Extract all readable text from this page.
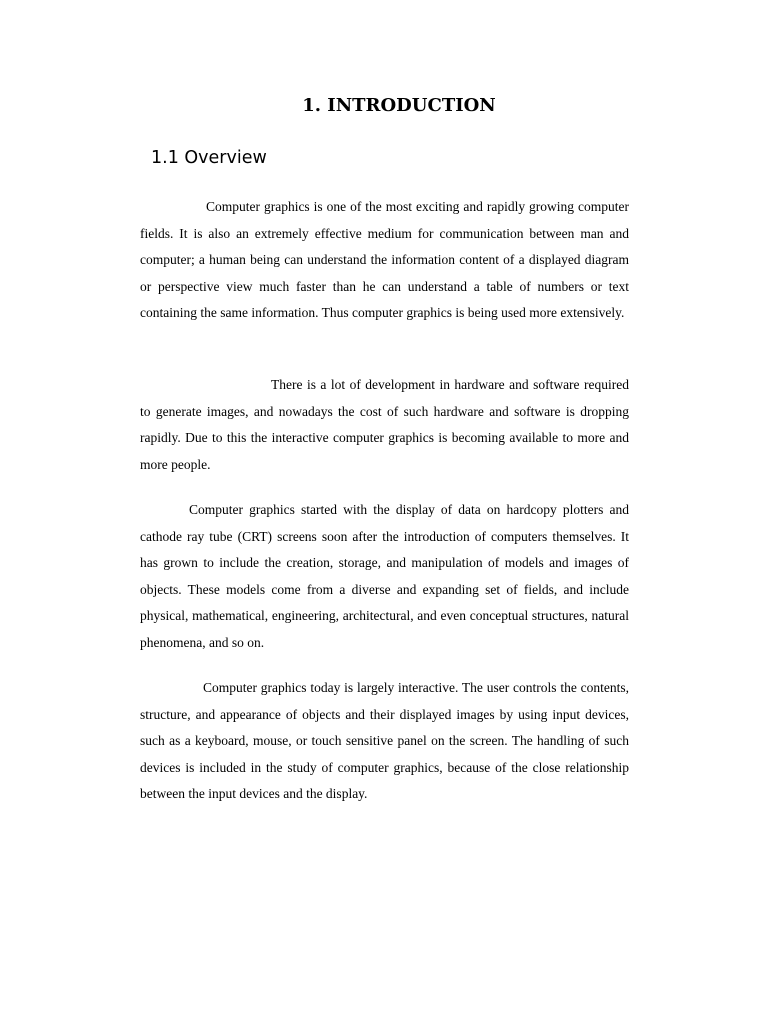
1. INTRODUCTION
1.1 Overview

Computer graphics is one of the most exciting and rapidly growing computer fields. It is also an extremely effective medium for communication between man and computer; a human being can understand the information content of a displayed diagram or perspective view much faster than he can understand a table of numbers or text containing the same information. Thus computer graphics is being used more extensively.

There is a lot of development in hardware and software required to generate images, and nowadays the cost of such hardware and software is dropping rapidly. Due to this the interactive computer graphics is becoming available to more and more people.

Computer graphics started with the display of data on hardcopy plotters and cathode ray tube (CRT) screens soon after the introduction of computers themselves. It has grown to include the creation, storage, and manipulation of models and images of objects. These models come from a diverse and expanding set of fields, and include physical, mathematical, engineering, architectural, and even conceptual structures, natural phenomena, and so on.

Computer graphics today is largely interactive. The user controls the contents, structure, and appearance of objects and their displayed images by using input devices, such as a keyboard, mouse, or touch sensitive panel on the screen. The handling of such devices is included in the study of computer graphics, because of the close relationship between the input devices and the display.
